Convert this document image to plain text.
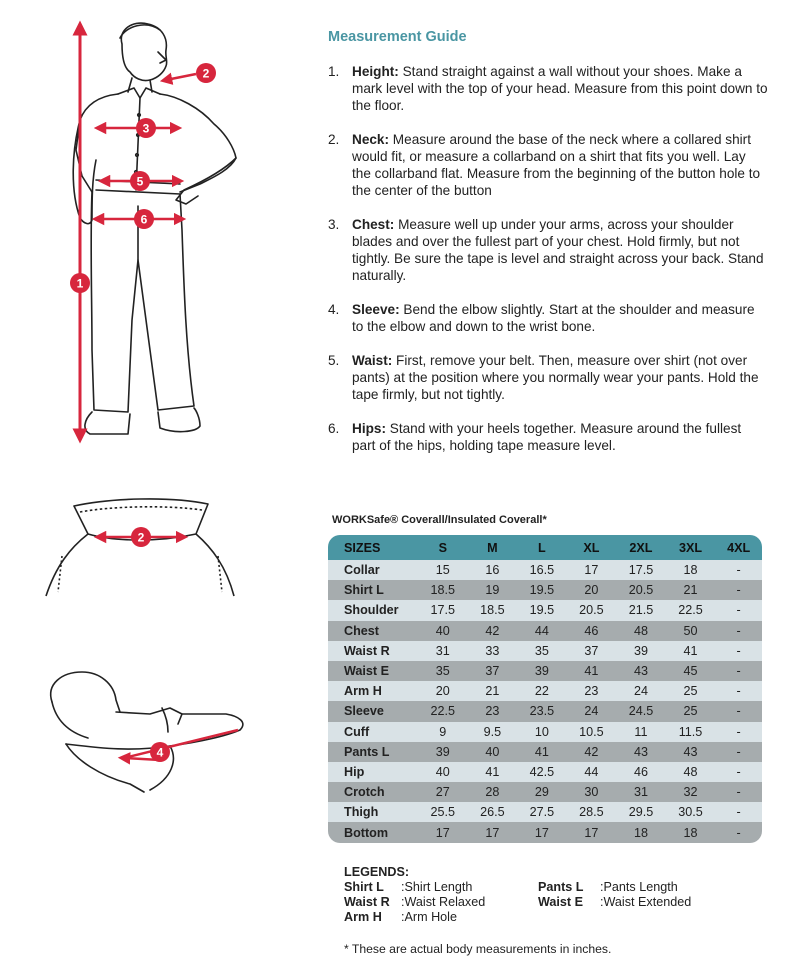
1
2
3
5
6
2
4
Measurement Guide
1. Height: Stand straight against a wall without your shoes. Make a mark level with the top of your head. Measure from this point down to the floor.
2. Neck: Measure around the base of the neck where a collared shirt would fit, or measure a collarband on a shirt that fits you well. Lay the collarband flat. Measure from the beginning of the button hole to the center of the button
3. Chest: Measure well up under your arms, across your shoulder blades and over the fullest part of your chest. Hold firmly, but not tightly. Be sure the tape is level and straight across your back. Stand naturally.
4. Sleeve: Bend the elbow slightly. Start at the shoulder and measure to the elbow and down to the wrist bone.
5. Waist: First, remove your belt. Then, measure over shirt (not over pants) at the position where you normally wear your pants. Hold the tape firmly, but not tightly.
6. Hips: Stand with your heels together. Measure around the fullest part of the hips, holding tape measure level.
WORKSafe® Coverall/Insulated Coverall*
SIZES	S	M	L	XL	2XL	3XL	4XL
Collar	15	16	16.5	17	17.5	18	-
Shirt L	18.5	19	19.5	20	20.5	21	-
Shoulder	17.5	18.5	19.5	20.5	21.5	22.5	-
Chest	40	42	44	46	48	50	-
Waist R	31	33	35	37	39	41	-
Waist E	35	37	39	41	43	45	-
Arm H	20	21	22	23	24	25	-
Sleeve	22.5	23	23.5	24	24.5	25	-
Cuff	9	9.5	10	10.5	11	11.5	-
Pants L	39	40	41	42	43	43	-
Hip	40	41	42.5	44	46	48	-
Crotch	27	28	29	30	31	32	-
Thigh	25.5	26.5	27.5	28.5	29.5	30.5	-
Bottom	17	17	17	17	18	18	-
LEGENDS:
Shirt L :Shirt Length
Waist R :Waist Relaxed
Arm H :Arm Hole
Pants L :Pants Length
Waist E :Waist Extended
* These are actual body measurements in inches.
